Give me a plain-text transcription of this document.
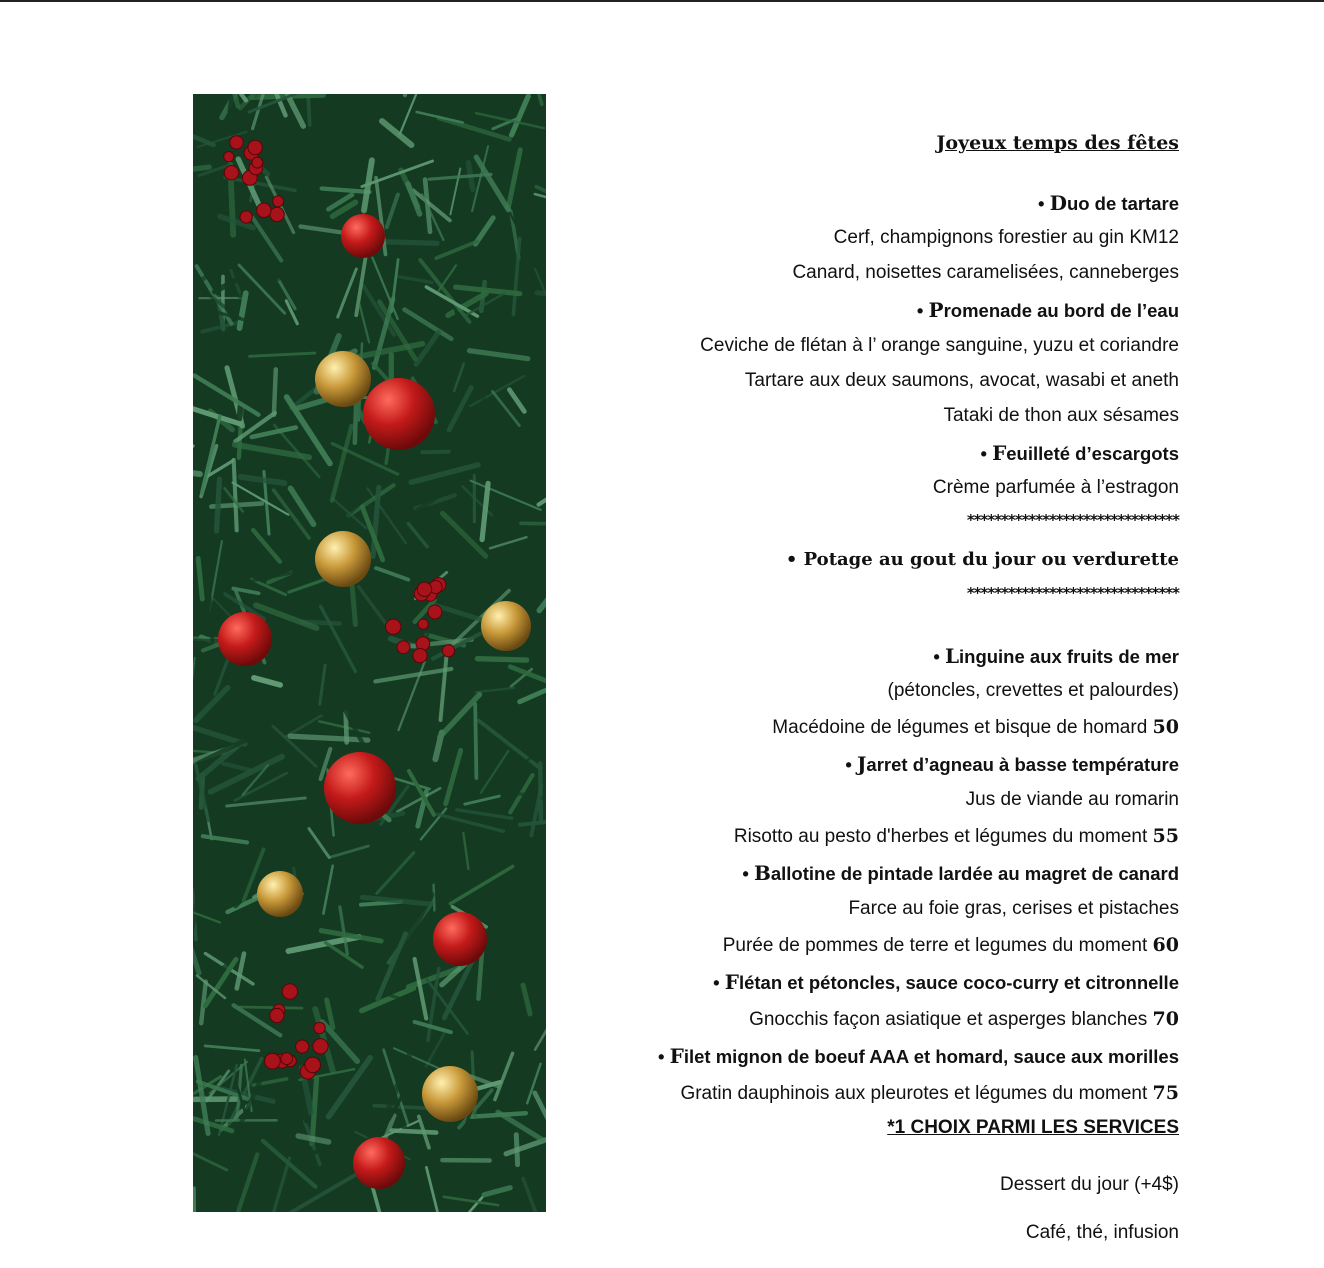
Joyeux temps des fêtes
• Duo de tartare
Cerf, champignons forestier au gin KM12
Canard, noisettes caramelisées, canneberges
• Promenade au bord de l’eau
Ceviche de flétan à l’ orange sanguine, yuzu et coriandre
Tartare aux deux saumons, avocat, wasabi et aneth
Tataki de thon aux sésames
• Feuilleté d’escargots
Crème parfumée à l’estragon
*******************************
• Potage au gout du jour ou verdurette
*******************************
• Linguine aux fruits de mer
(pétoncles, crevettes et palourdes)
Macédoine de légumes et bisque de homard 50
• Jarret d’agneau à basse température
Jus de viande au romarin
Risotto au pesto d'herbes et légumes du moment 55
• Ballotine de pintade lardée au magret de canard
Farce au foie gras, cerises et pistaches
Purée de pommes de terre et legumes du moment 60
• Flétan et pétoncles, sauce coco-curry et citronnelle
Gnocchis façon asiatique et asperges blanches 70
• Filet mignon de boeuf AAA et homard, sauce aux morilles
Gratin dauphinois aux pleurotes et légumes du moment 75
*1 CHOIX PARMI LES SERVICES
Dessert du jour (+4$)
Café, thé, infusion
